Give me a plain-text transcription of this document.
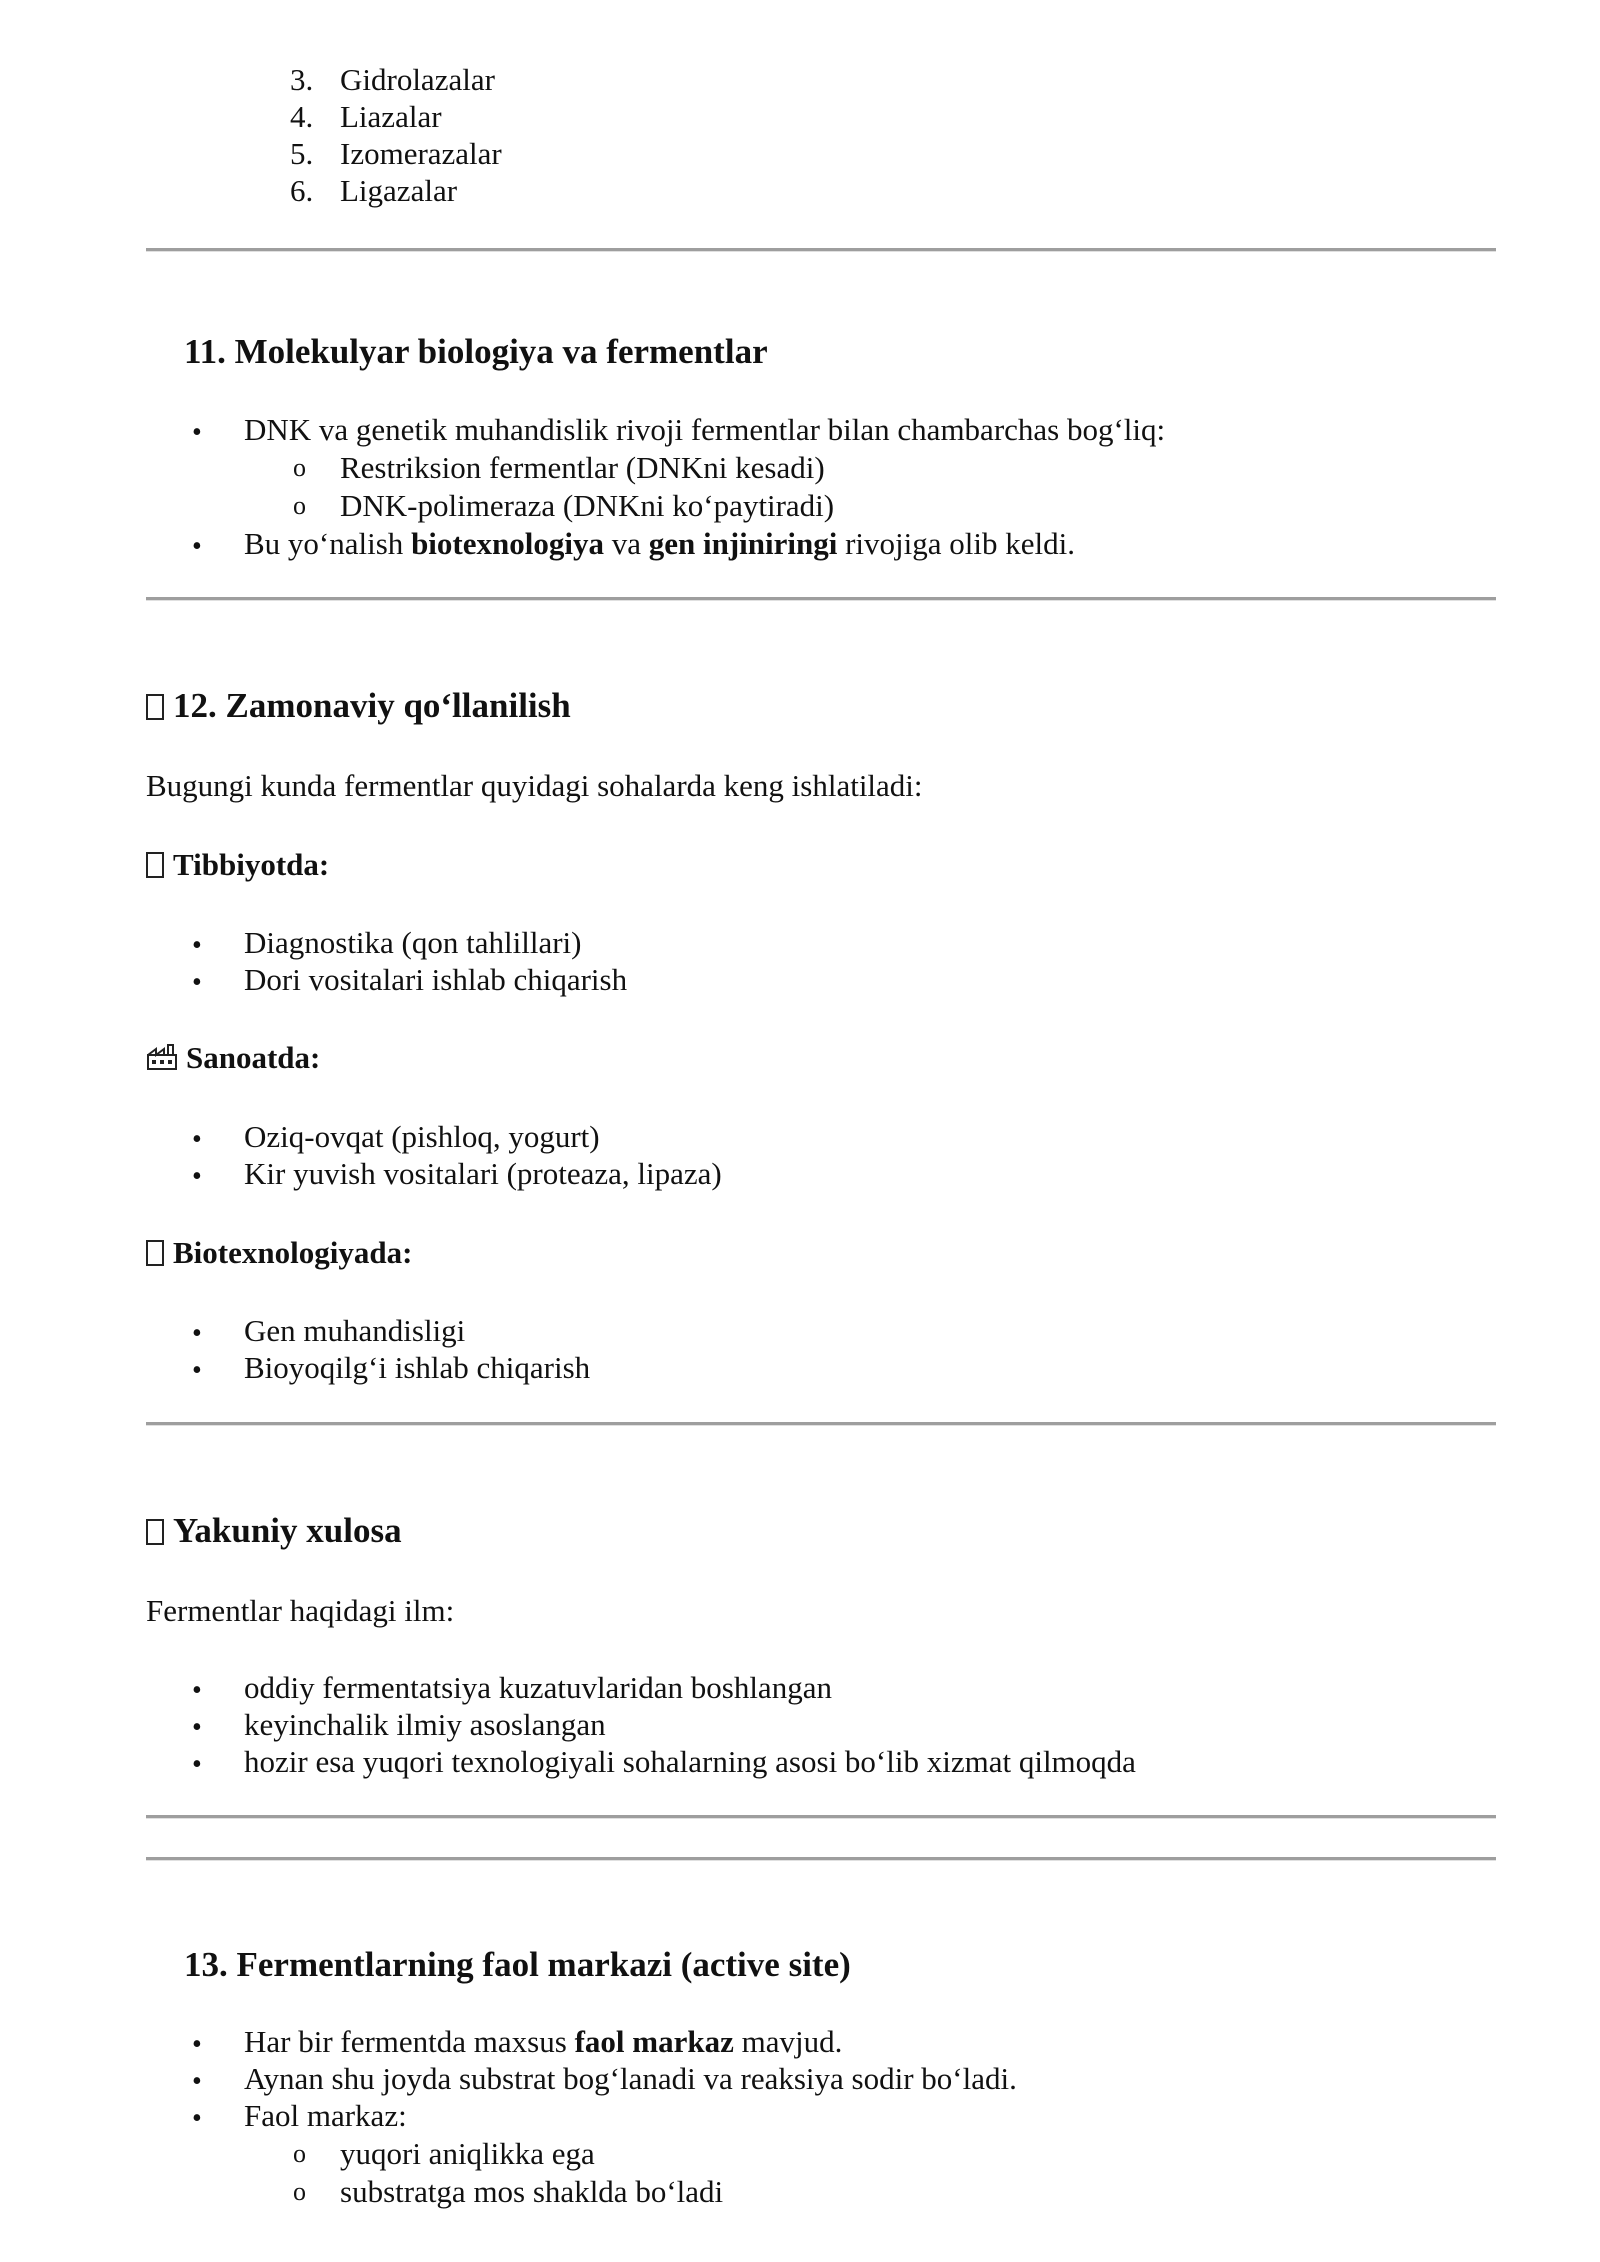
3. Gidrolazalar
4. Liazalar
5. Izomerazalar
6. Ligazalar
11. Molekulyar biologiya va fermentlar
• DNK va genetik muhandislik rivoji fermentlar bilan chambarchas bog‘liq:
o Restriksion fermentlar (DNKni kesadi)
o DNK-polimeraza (DNKni ko‘paytiradi)
• Bu yo‘nalish biotexnologiya va gen injiniringi rivojiga olib keldi.
12. Zamonaviy qo‘llanilish
Bugungi kunda fermentlar quyidagi sohalarda keng ishlatiladi:
Tibbiyotda:
• Diagnostika (qon tahlillari)
• Dori vositalari ishlab chiqarish
Sanoatda:
• Oziq-ovqat (pishloq, yogurt)
• Kir yuvish vositalari (proteaza, lipaza)
Biotexnologiyada:
• Gen muhandisligi
• Bioyoqilg‘i ishlab chiqarish
Yakuniy xulosa
Fermentlar haqidagi ilm:
• oddiy fermentatsiya kuzatuvlaridan boshlangan
• keyinchalik ilmiy asoslangan
• hozir esa yuqori texnologiyali sohalarning asosi bo‘lib xizmat qilmoqda
13. Fermentlarning faol markazi (active site)
• Har bir fermentda maxsus faol markaz mavjud.
• Aynan shu joyda substrat bog‘lanadi va reaksiya sodir bo‘ladi.
• Faol markaz:
o yuqori aniqlikka ega
o substratga mos shaklda bo‘ladi
